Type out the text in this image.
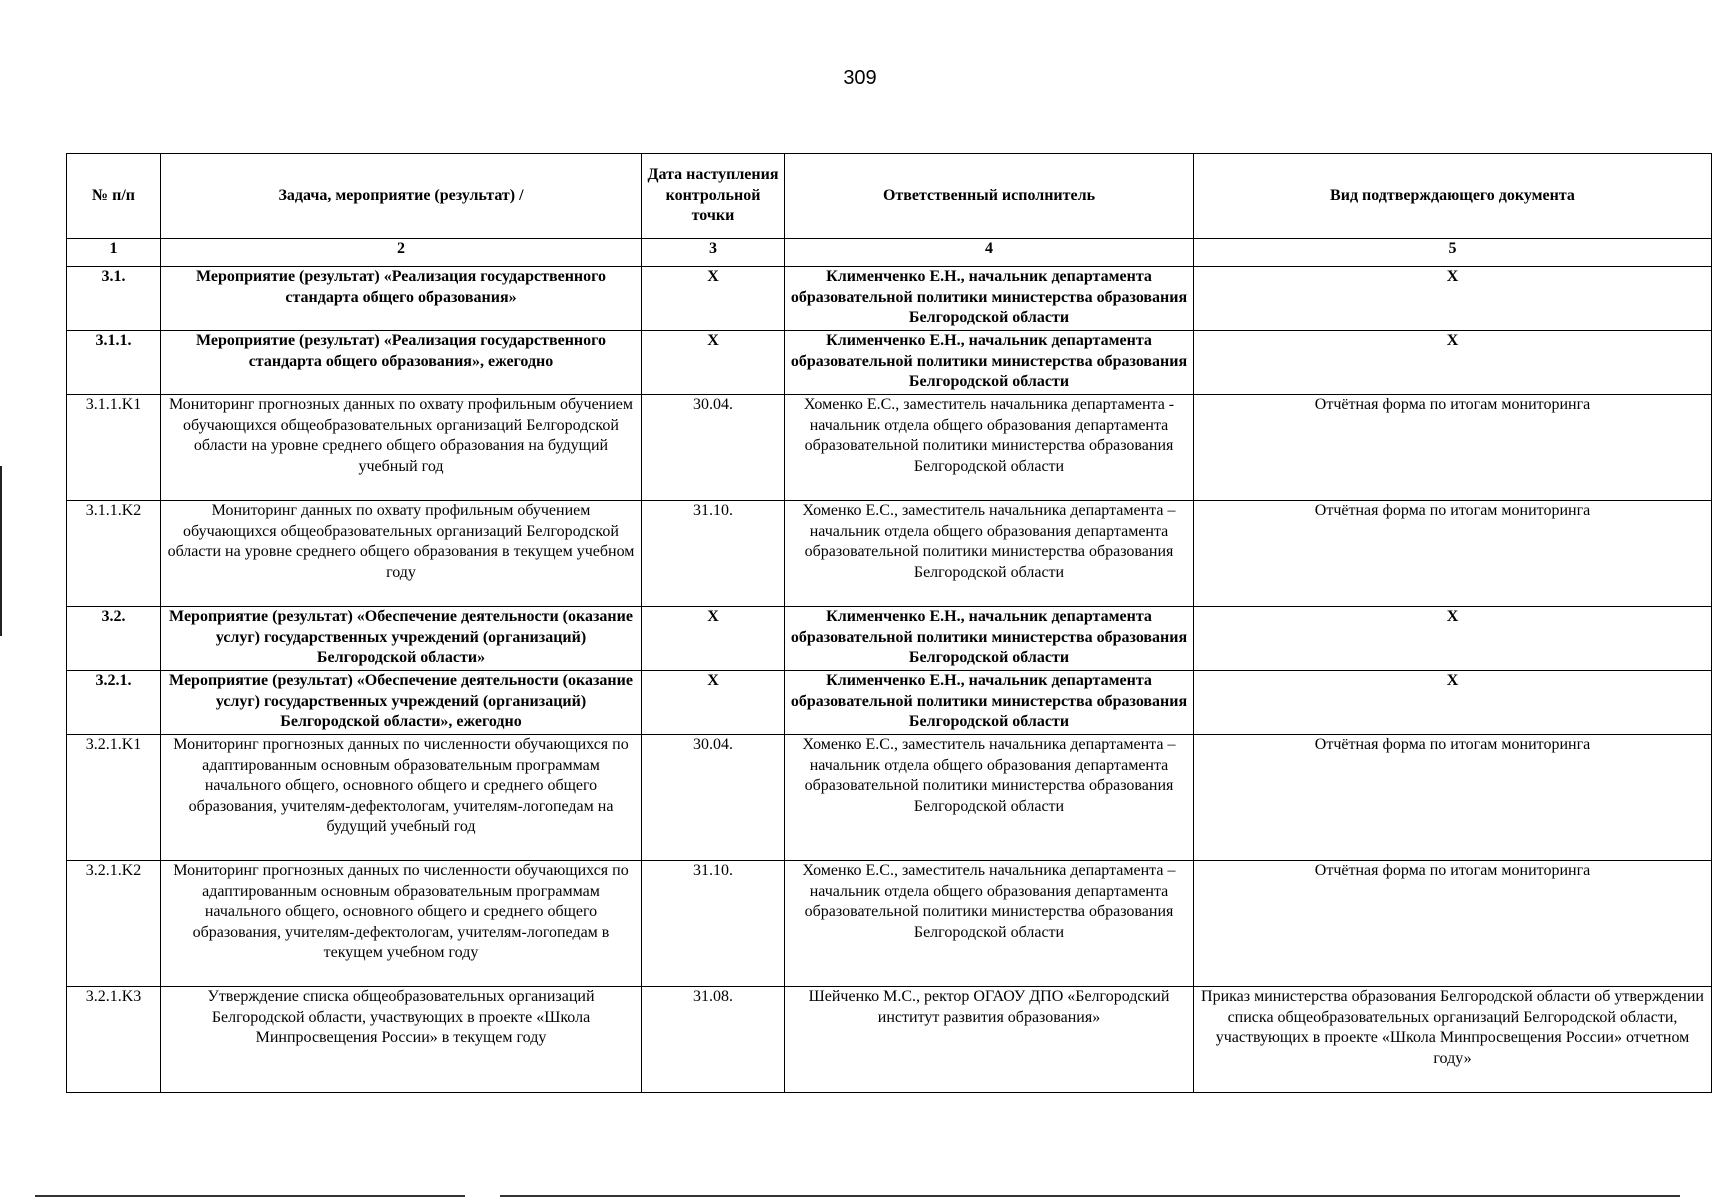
309
№ п/п	Задача, мероприятие (результат) /	Дата наступления контрольной точки	Ответственный исполнитель	Вид подтверждающего документа
1	2	3	4	5
3.1.	Мероприятие (результат) «Реализация государственного стандарта общего образования»	X	Клименченко Е.Н., начальник департамента образовательной политики министерства образования Белгородской области	X
3.1.1.	Мероприятие (результат) «Реализация государственного стандарта общего образования», ежегодно	X	Клименченко Е.Н., начальник департамента образовательной политики министерства образования Белгородской области	X
3.1.1.K1	Мониторинг прогнозных данных по охвату профильным обучением обучающихся общеобразовательных организаций Белгородской области на уровне среднего общего образования на будущий учебный год	30.04.	Хоменко Е.С., заместитель начальника департамента - начальник отдела общего образования департамента образовательной политики министерства образования Белгородской области	Отчётная форма по итогам мониторинга
3.1.1.K2	Мониторинг данных по охвату профильным обучением обучающихся общеобразовательных организаций Белгородской области на уровне среднего общего образования в текущем учебном году	31.10.	Хоменко Е.С., заместитель начальника департамента – начальник отдела общего образования департамента образовательной политики министерства образования Белгородской области	Отчётная форма по итогам мониторинга
3.2.	Мероприятие (результат) «Обеспечение деятельности (оказание услуг) государственных учреждений (организаций) Белгородской области»	X	Клименченко Е.Н., начальник департамента образовательной политики министерства образования Белгородской области	X
3.2.1.	Мероприятие (результат) «Обеспечение деятельности (оказание услуг) государственных учреждений (организаций) Белгородской области», ежегодно	X	Клименченко Е.Н., начальник департамента образовательной политики министерства образования Белгородской области	X
3.2.1.K1	Мониторинг прогнозных данных по численности обучающихся по адаптированным основным образовательным программам начального общего, основного общего и среднего общего образования, учителям-дефектологам, учителям-логопедам на будущий учебный год	30.04.	Хоменко Е.С., заместитель начальника департамента – начальник отдела общего образования департамента образовательной политики министерства образования Белгородской области	Отчётная форма по итогам мониторинга
3.2.1.K2	Мониторинг прогнозных данных по численности обучающихся по адаптированным основным образовательным программам начального общего, основного общего и среднего общего образования, учителям-дефектологам, учителям-логопедам в текущем учебном году	31.10.	Хоменко Е.С., заместитель начальника департамента – начальник отдела общего образования департамента образовательной политики министерства образования Белгородской области	Отчётная форма по итогам мониторинга
3.2.1.K3	Утверждение списка общеобразовательных организаций Белгородской области, участвующих в проекте «Школа Минпросвещения России» в текущем году	31.08.	Шейченко М.С., ректор ОГАОУ ДПО «Белгородский институт развития образования»	Приказ министерства образования Белгородской области об утверждении списка общеобразовательных организаций Белгородской области, участвующих в проекте «Школа Минпросвещения России» отчетном году»
